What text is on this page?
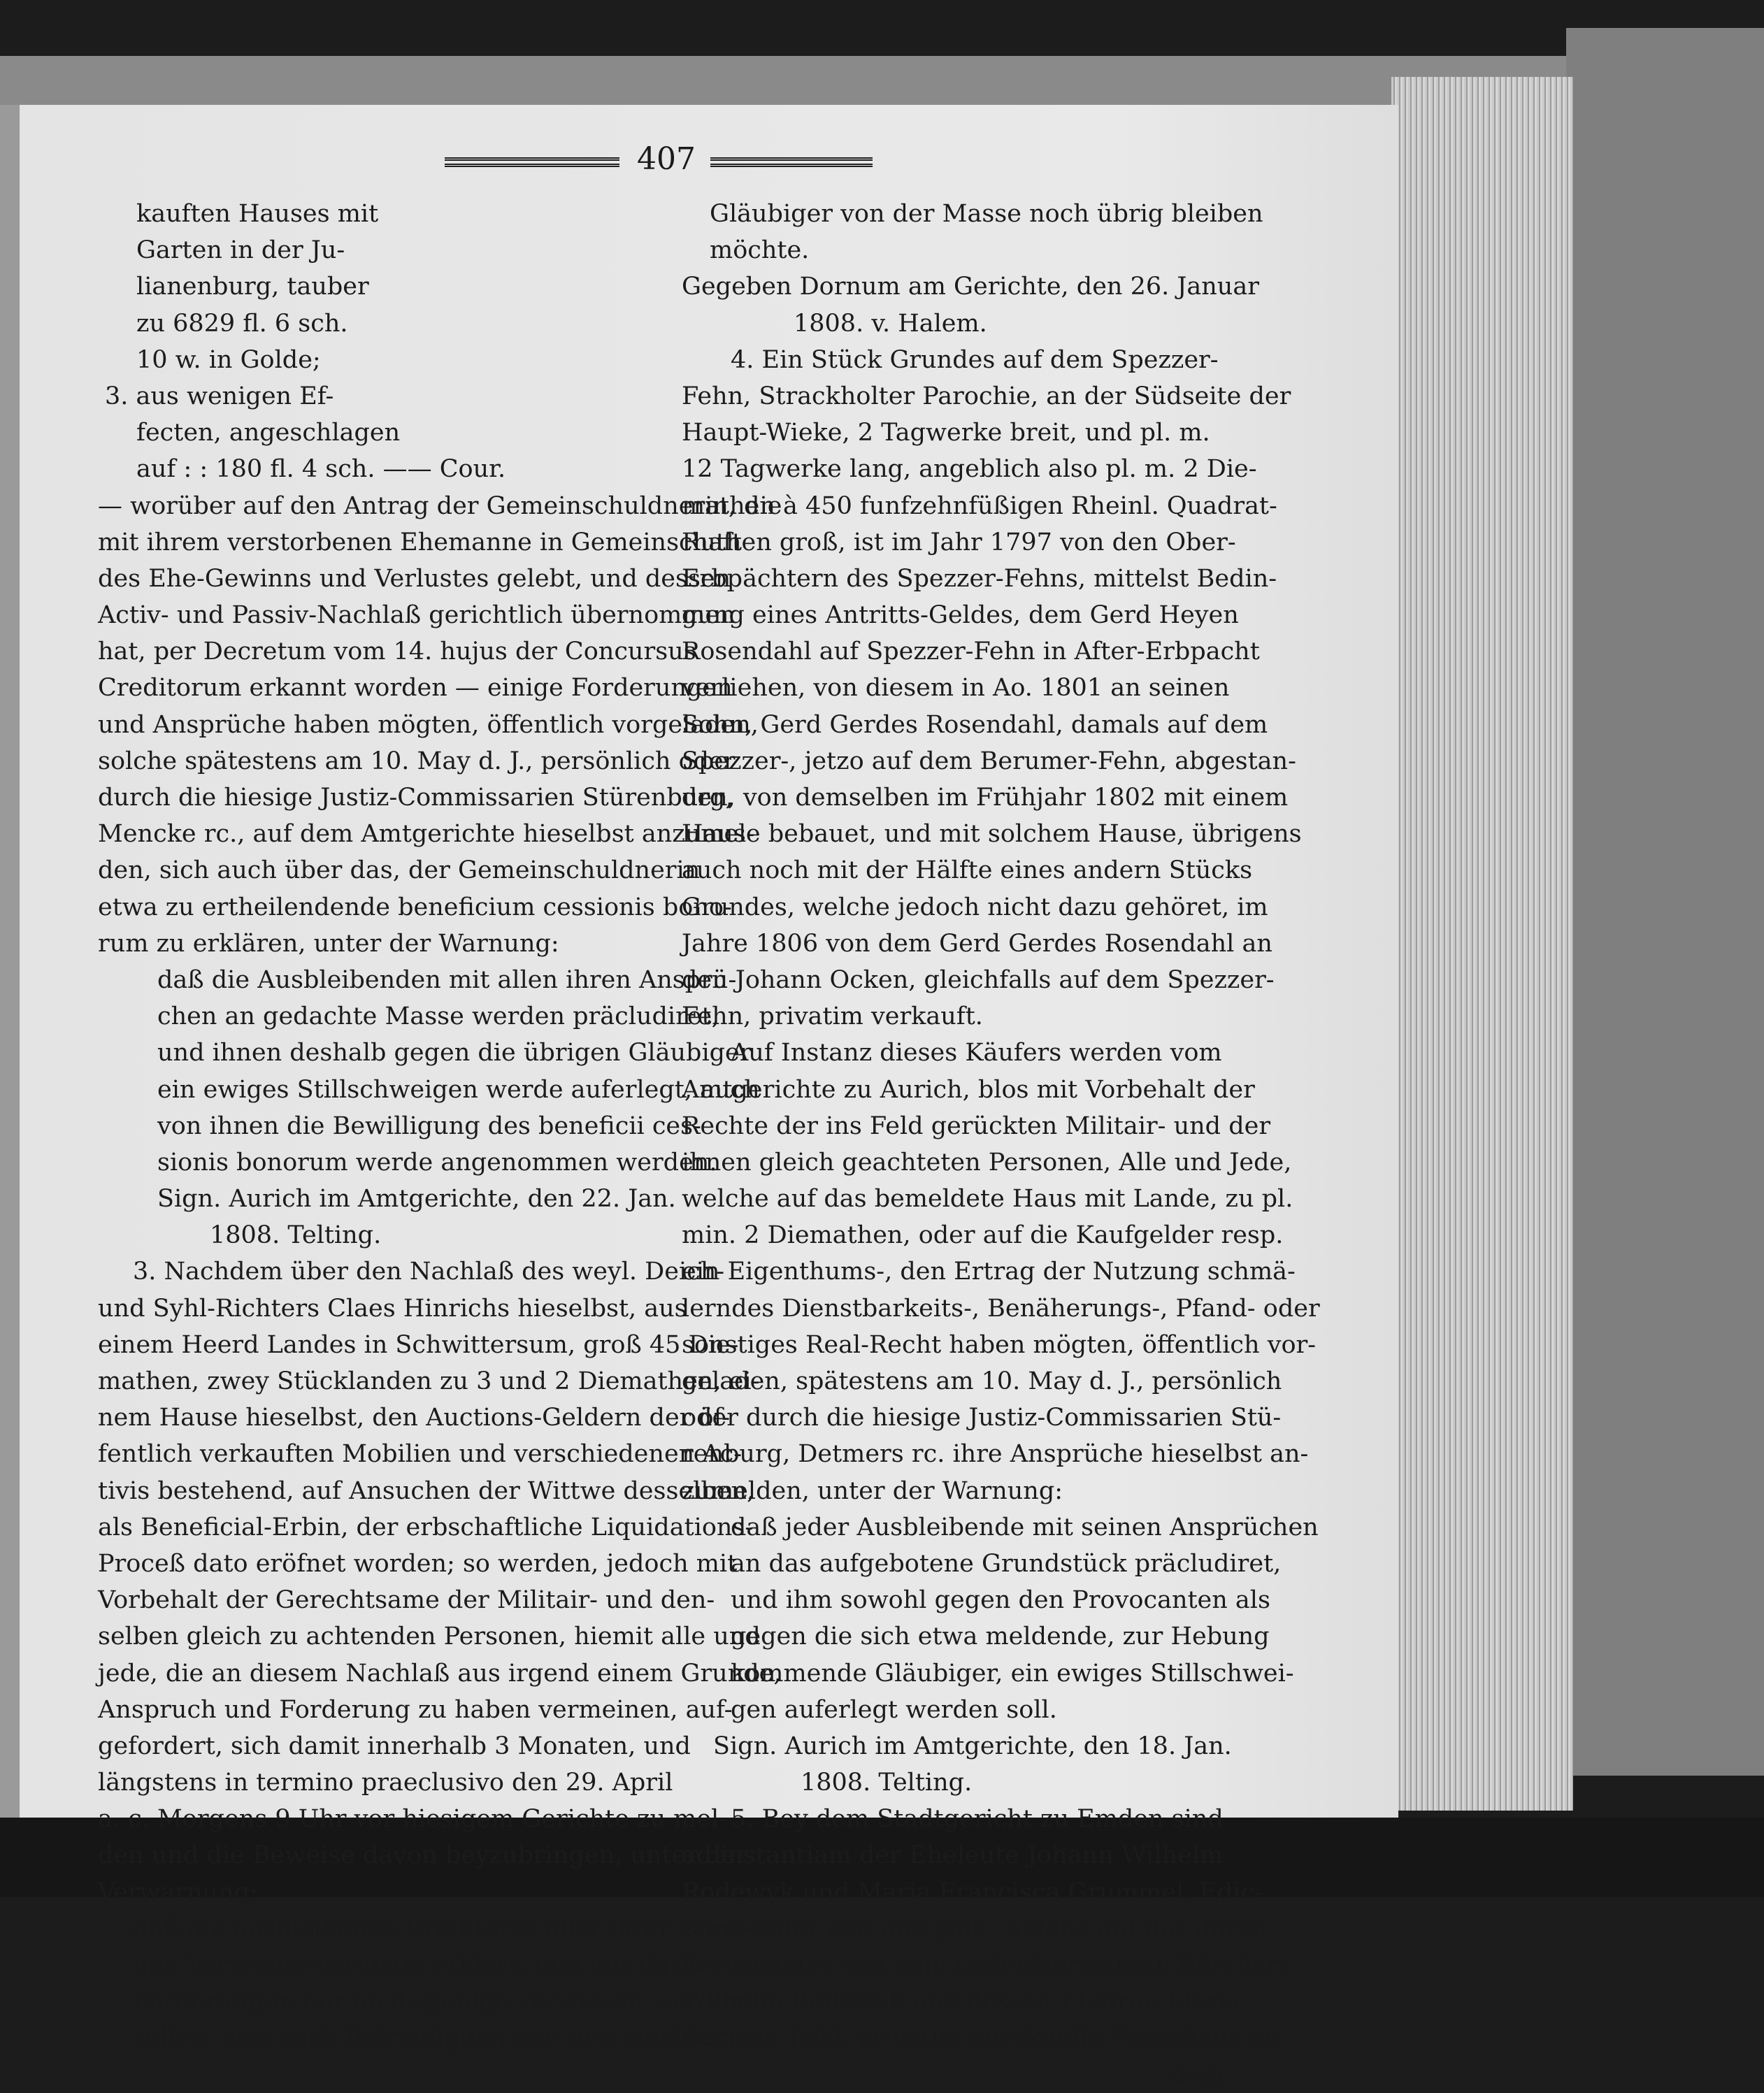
407
kauften Hauses mit
Garten in der Ju-
lianenburg, tauber
zu 6829 fl. 6 sch.
10 w. in Golde;
3. aus wenigen Ef-
fecten, angeschlagen
auf : : 180 fl. 4 sch. —— Cour.
— worüber auf den Antrag der Gemeinschuldnerin, die
mit ihrem verstorbenen Ehemanne in Gemeinschaft
des Ehe-Gewinns und Verlustes gelebt, und dessen
Activ- und Passiv-Nachlaß gerichtlich übernommen
hat, per Decretum vom 14. hujus der Concursus
Creditorum erkannt worden — einige Forderungen
und Ansprüche haben mögten, öffentlich vorgeladen,
solche spätestens am 10. May d. J., persönlich oder
durch die hiesige Justiz-Commissarien Stürenburg,
Mencke rc., auf dem Amtgerichte hieselbst anzumel-
den, sich auch über das, der Gemeinschuldnerin
etwa zu ertheilendende beneficium cessionis bono-
rum zu erklären, unter der Warnung:
daß die Ausbleibenden mit allen ihren Ansprü-
chen an gedachte Masse werden präcludiret,
und ihnen deshalb gegen die übrigen Gläubiger
ein ewiges Stillschweigen werde auferlegt, auch
von ihnen die Bewilligung des beneficii ces-
sionis bonorum werde angenommen werden.
Sign. Aurich im Amtgerichte, den 22. Jan.
1808. Telting.
3. Nachdem über den Nachlaß des weyl. Deich-
und Syhl-Richters Claes Hinrichs hieselbst, aus
einem Heerd Landes in Schwittersum, groß 45 Die-
mathen, zwey Stücklanden zu 3 und 2 Diemathen, ei-
nem Hause hieselbst, den Auctions-Geldern der öf-
fentlich verkauften Mobilien und verschiedenen Ac-
tivis bestehend, auf Ansuchen der Wittwe desselben,
als Beneficial-Erbin, der erbschaftliche Liquidations-
Proceß dato eröfnet worden; so werden, jedoch mit
Vorbehalt der Gerechtsame der Militair- und den-
selben gleich zu achtenden Personen, hiemit alle und
jede, die an diesem Nachlaß aus irgend einem Grunde,
Anspruch und Forderung zu haben vermeinen, auf-
gefordert, sich damit innerhalb 3 Monaten, und
längstens in termino praeclusivo den 29. April
a. c. Morgens 9 Uhr vor hiesigem Gerichte zu mel-
den und die Beweise davon beyzubringen, unter der
Verwarnung:
daß die ausbleibende Creditores aller ihrer etwai-
gen Vorrechte verlustig erklärt, und mit ihren
Forderungen nur an dasjenige verwiesen werden
sollen, was nach Befriedigung der sich meldenden
Gläubiger von der Masse noch übrig bleiben
möchte.
Gegeben Dornum am Gerichte, den 26. Januar
1808. v. Halem.
4. Ein Stück Grundes auf dem Spezzer-
Fehn, Strackholter Parochie, an der Südseite der
Haupt-Wieke, 2 Tagwerke breit, und pl. m.
12 Tagwerke lang, angeblich also pl. m. 2 Die-
mathen à 450 funfzehnfüßigen Rheinl. Quadrat-
Ruthen groß, ist im Jahr 1797 von den Ober-
Erbpächtern des Spezzer-Fehns, mittelst Bedin-
gung eines Antritts-Geldes, dem Gerd Heyen
Rosendahl auf Spezzer-Fehn in After-Erbpacht
verliehen, von diesem in Ao. 1801 an seinen
Sohn, Gerd Gerdes Rosendahl, damals auf dem
Spezzer-, jetzo auf dem Berumer-Fehn, abgestan-
den, von demselben im Frühjahr 1802 mit einem
Hause bebauet, und mit solchem Hause, übrigens
auch noch mit der Hälfte eines andern Stücks
Grundes, welche jedoch nicht dazu gehöret, im
Jahre 1806 von dem Gerd Gerdes Rosendahl an
den Johann Ocken, gleichfalls auf dem Spezzer-
Fehn, privatim verkauft.
Auf Instanz dieses Käufers werden vom
Amtgerichte zu Aurich, blos mit Vorbehalt der
Rechte der ins Feld gerückten Militair- und der
ihnen gleich geachteten Personen, Alle und Jede,
welche auf das bemeldete Haus mit Lande, zu pl.
min. 2 Diemathen, oder auf die Kaufgelder resp.
ein Eigenthums-, den Ertrag der Nutzung schmä-
lerndes Dienstbarkeits-, Benäherungs-, Pfand- oder
sonstiges Real-Recht haben mögten, öffentlich vor-
geladen, spätestens am 10. May d. J., persönlich
oder durch die hiesige Justiz-Commissarien Stü-
renburg, Detmers rc. ihre Ansprüche hieselbst an-
zumelden, unter der Warnung:
daß jeder Ausbleibende mit seinen Ansprüchen
an das aufgebotene Grundstück präcludiret,
und ihm sowohl gegen den Provocanten als
gegen die sich etwa meldende, zur Hebung
kommende Gläubiger, ein ewiges Stillschwei-
gen auferlegt werden soll.
Sign. Aurich im Amtgerichte, den 18. Jan.
1808. Telting.
5. Bey dem Stadtgericht zu Emden sind
ad instantiam der Eheleute Johann Wilhelm
Rodewyk und Maria Francisca Grummel, Edic-
tales wider alle und jede, welche auf das durch
Provocantes von dem Lederfabricanten Börchert
Wilhelm Rodewyk und dessen Ehefrau Maria
Gertrud Pohl, privatim anerkaufte Wohnhaus an
dem
